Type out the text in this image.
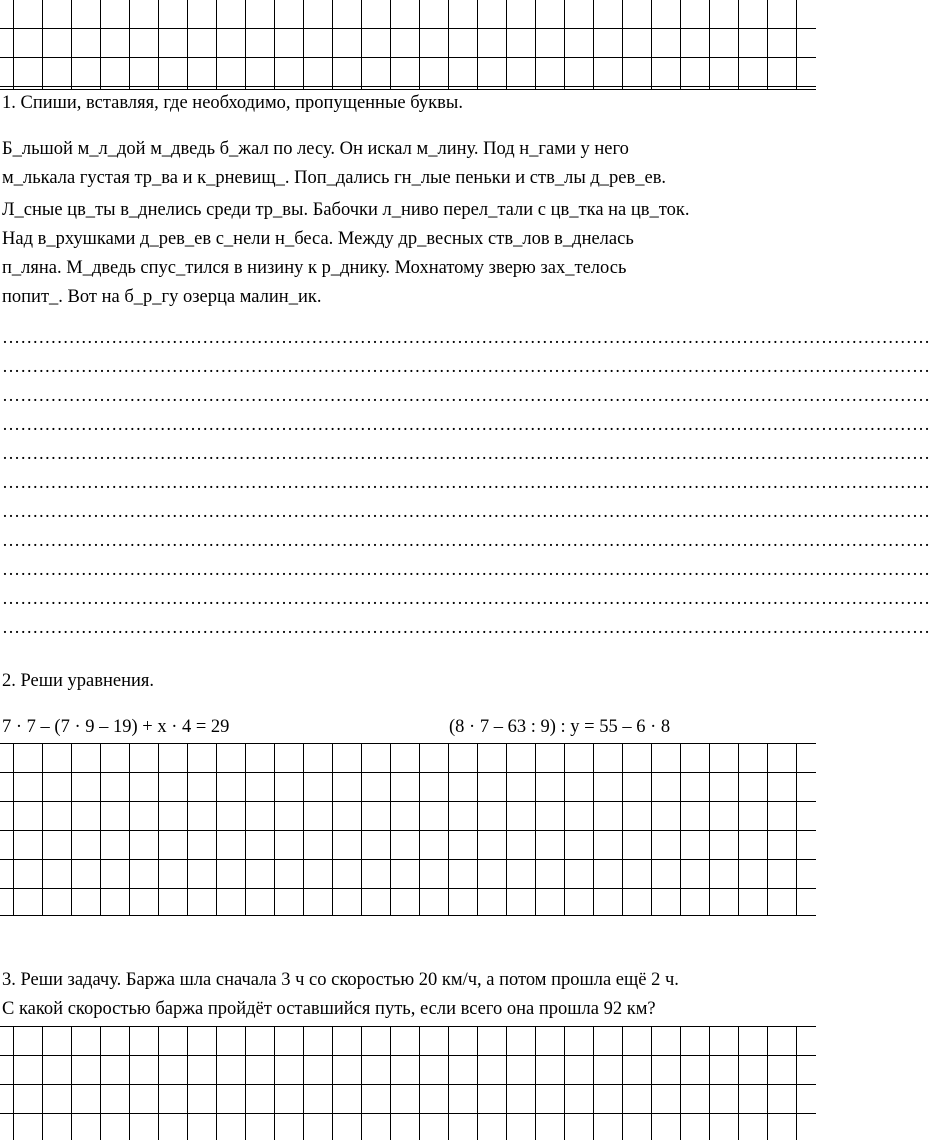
1. Спиши, вставляя, где необходимо, пропущенные буквы.
Б_льшой м_л_дой м_дведь б_жал по лесу. Он искал м_лину. Под н_гами у него
м_лькала густая тр_ва и к_рневищ_. Поп_дались гн_лые пеньки и ств_лы д_рев_ев.
Л_сные цв_ты в_днелись среди тр_вы. Бабочки л_ниво перел_тали с цв_тка на цв_ток.
Над в_рхушками д_рев_ев с_нели н_беса. Между др_весных ств_лов в_днелась
п_ляна. М_дведь спус_тился в низину к р_днику. Мохнатому зверю зах_телось
попит_. Вот на б_р_гу озерца малин_ик.
………………………………………………………………………………………………………………………………………
………………………………………………………………………………………………………………………………………
………………………………………………………………………………………………………………………………………
………………………………………………………………………………………………………………………………………
………………………………………………………………………………………………………………………………………
………………………………………………………………………………………………………………………………………
………………………………………………………………………………………………………………………………………
………………………………………………………………………………………………………………………………………
………………………………………………………………………………………………………………………………………
………………………………………………………………………………………………………………………………………
………………………………………………………………………………………………………………………………………
2. Реши уравнения.
7 · 7 – (7 · 9 – 19) + х · 4 = 29	(8 · 7 – 63 : 9) : у = 55 – 6 · 8
3. Реши задачу. Баржа шла сначала 3 ч со скоростью 20 км/ч, а потом прошла ещё 2 ч.
С какой скоростью баржа пройдёт оставшийся путь, если всего она прошла 92 км?
